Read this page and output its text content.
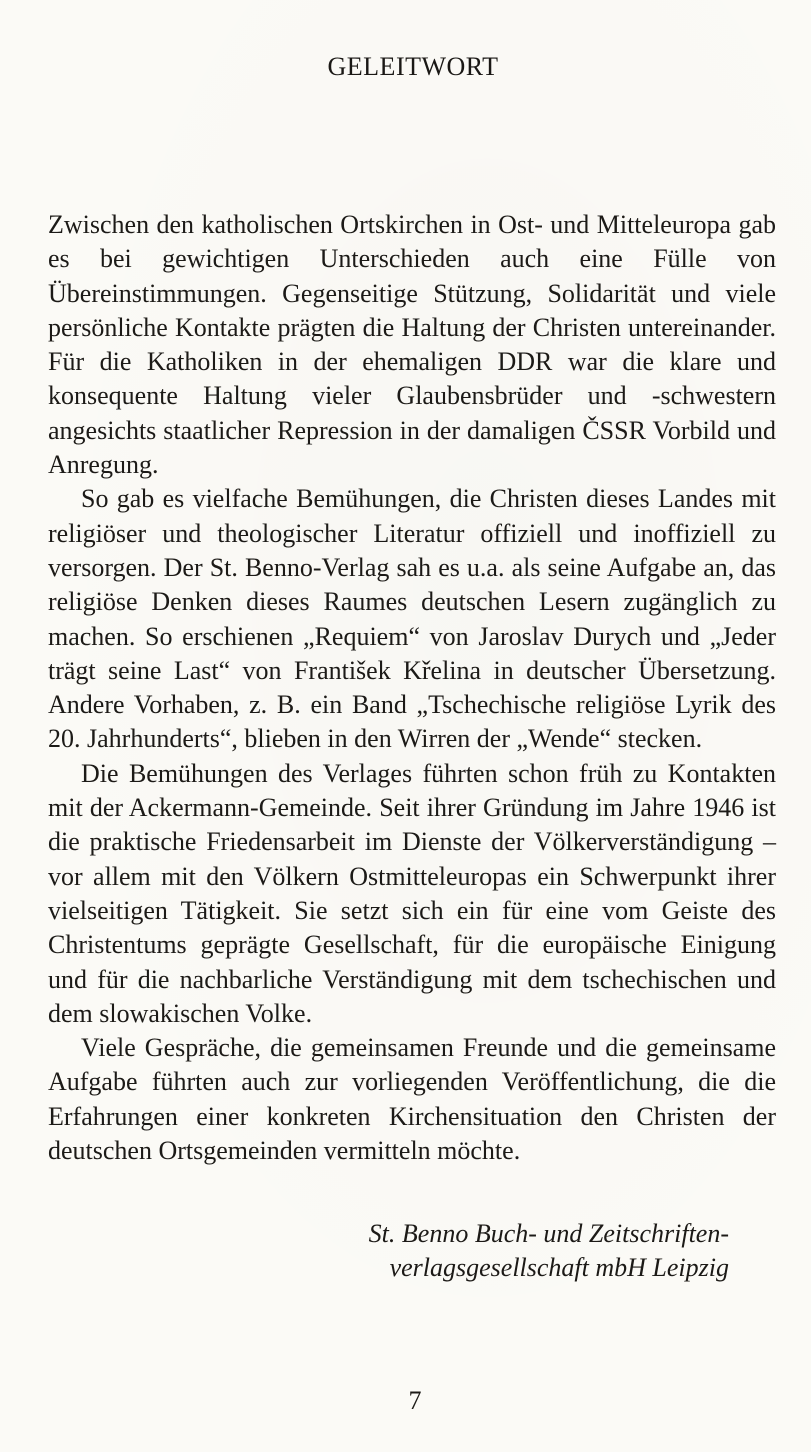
GELEITWORT

Zwischen den katholischen Ortskirchen in Ost- und Mitteleuropa gab es bei gewichtigen Unterschieden auch eine Fülle von Übereinstimmungen. Gegenseitige Stützung, Solidarität und viele persönliche Kontakte prägten die Haltung der Christen untereinander. Für die Katholiken in der ehemaligen DDR war die klare und konsequente Haltung vieler Glaubensbrüder und -schwestern angesichts staatlicher Repression in der damaligen ČSSR Vorbild und Anregung.

So gab es vielfache Bemühungen, die Christen dieses Landes mit religiöser und theologischer Literatur offiziell und inoffiziell zu versorgen. Der St. Benno-Verlag sah es u.a. als seine Aufgabe an, das religiöse Denken dieses Raumes deutschen Lesern zugänglich zu machen. So erschienen „Requiem“ von Jaroslav Durych und „Jeder trägt seine Last“ von František Křelina in deutscher Übersetzung. Andere Vorhaben, z. B. ein Band „Tschechische religiöse Lyrik des 20. Jahrhunderts“, blieben in den Wirren der „Wende“ stecken.

Die Bemühungen des Verlages führten schon früh zu Kontakten mit der Ackermann-Gemeinde. Seit ihrer Gründung im Jahre 1946 ist die praktische Friedensarbeit im Dienste der Völkerverständigung – vor allem mit den Völkern Ostmitteleuropas ein Schwerpunkt ihrer vielseitigen Tätigkeit. Sie setzt sich ein für eine vom Geiste des Christentums geprägte Gesellschaft, für die europäische Einigung und für die nachbarliche Verständigung mit dem tschechischen und dem slowakischen Volke.

Viele Gespräche, die gemeinsamen Freunde und die gemeinsame Aufgabe führten auch zur vorliegenden Veröffentlichung, die die Erfahrungen einer konkreten Kirchensituation den Christen der deutschen Ortsgemeinden vermitteln möchte.

St. Benno Buch- und Zeitschriften-
verlagsgesellschaft mbH Leipzig
7
